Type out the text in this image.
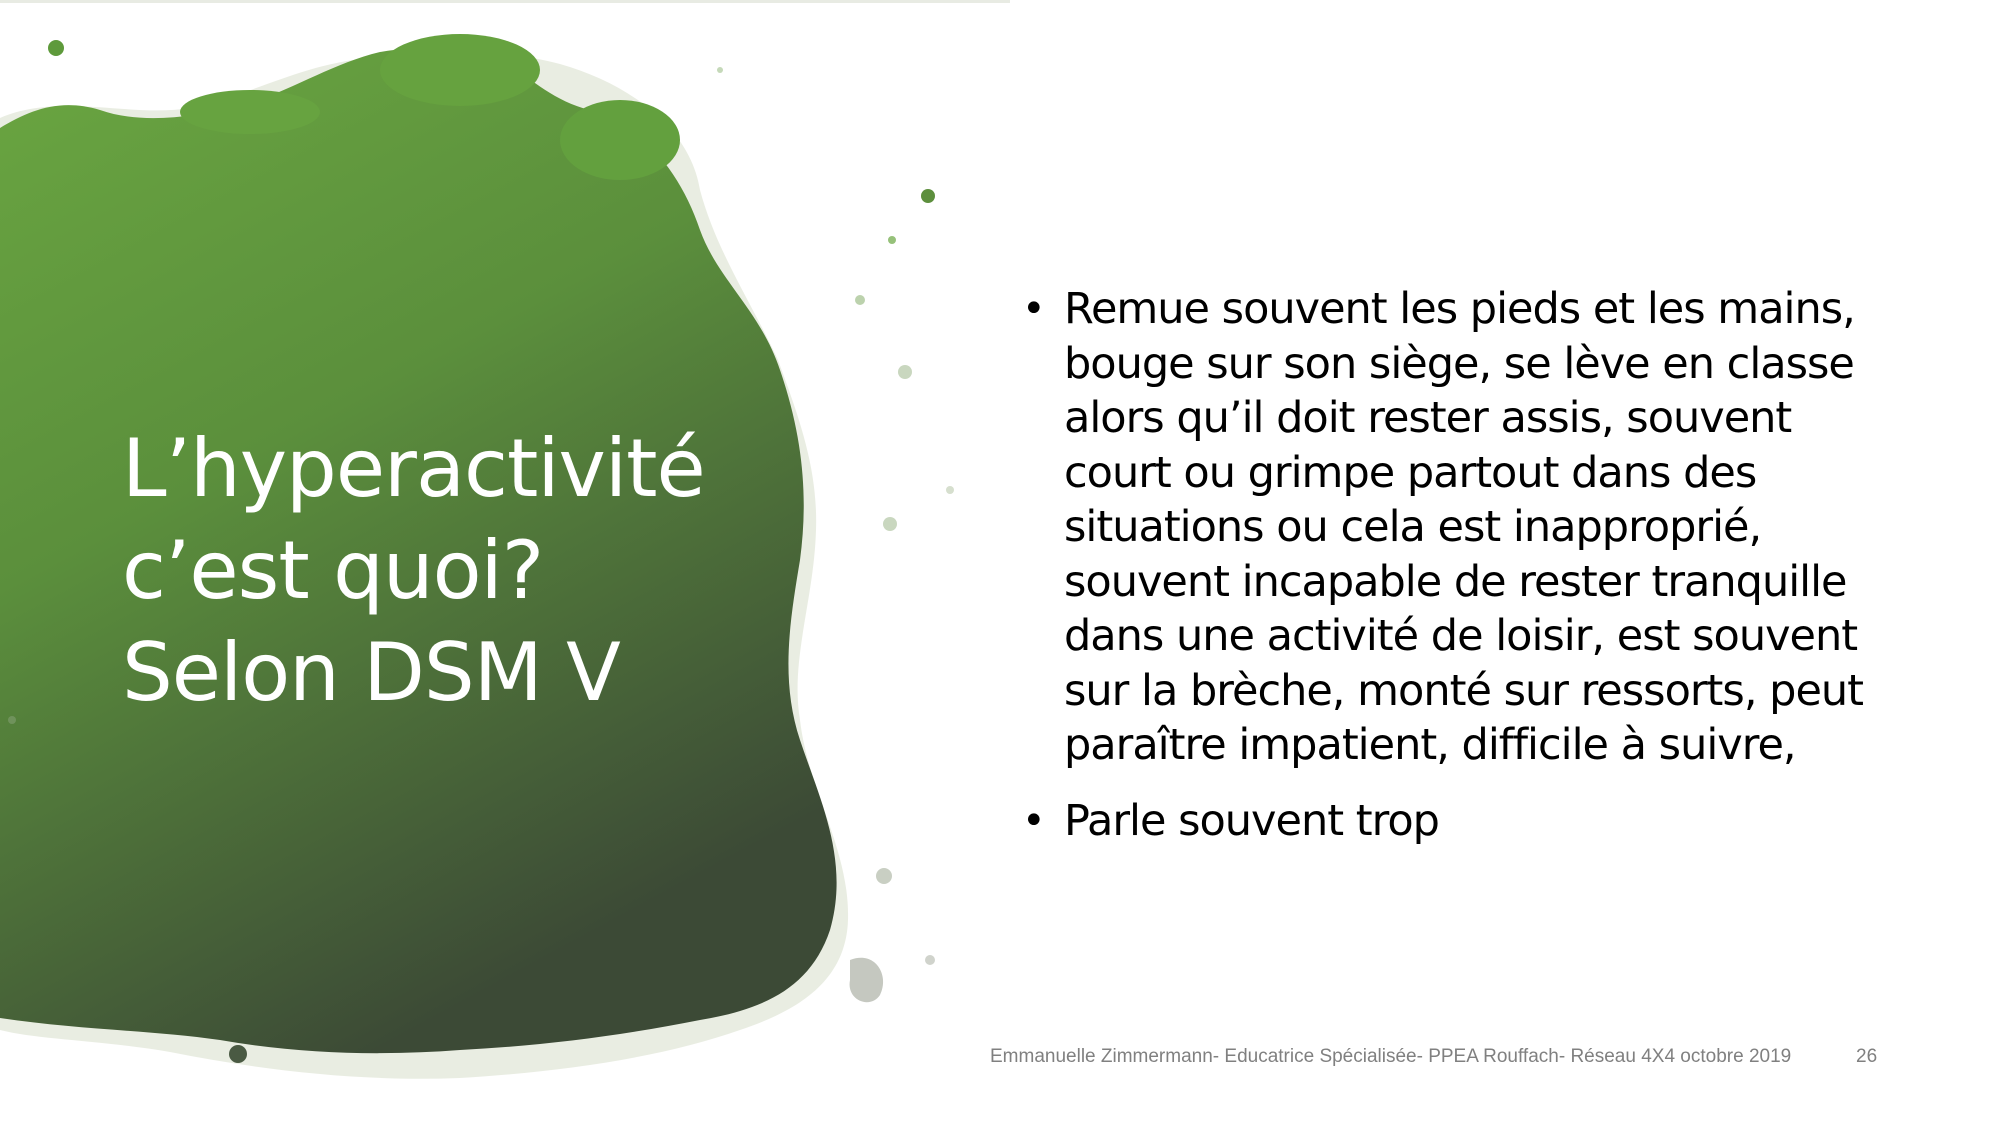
L’hyperactivité
c’est quoi?
Selon DSM V
• Remue souvent les pieds et les mains,
bouge sur son siège, se lève en classe
alors qu’il doit rester assis, souvent
court ou grimpe partout dans des
situations ou cela est inapproprié,
souvent incapable de rester tranquille
dans une activité de loisir, est souvent
sur la brèche, monté sur ressorts, peut
paraître impatient, difficile à suivre,
• Parle souvent trop
Emmanuelle Zimmermann- Educatrice Spécialisée- PPEA Rouffach- Réseau 4X4 octobre 2019	26
